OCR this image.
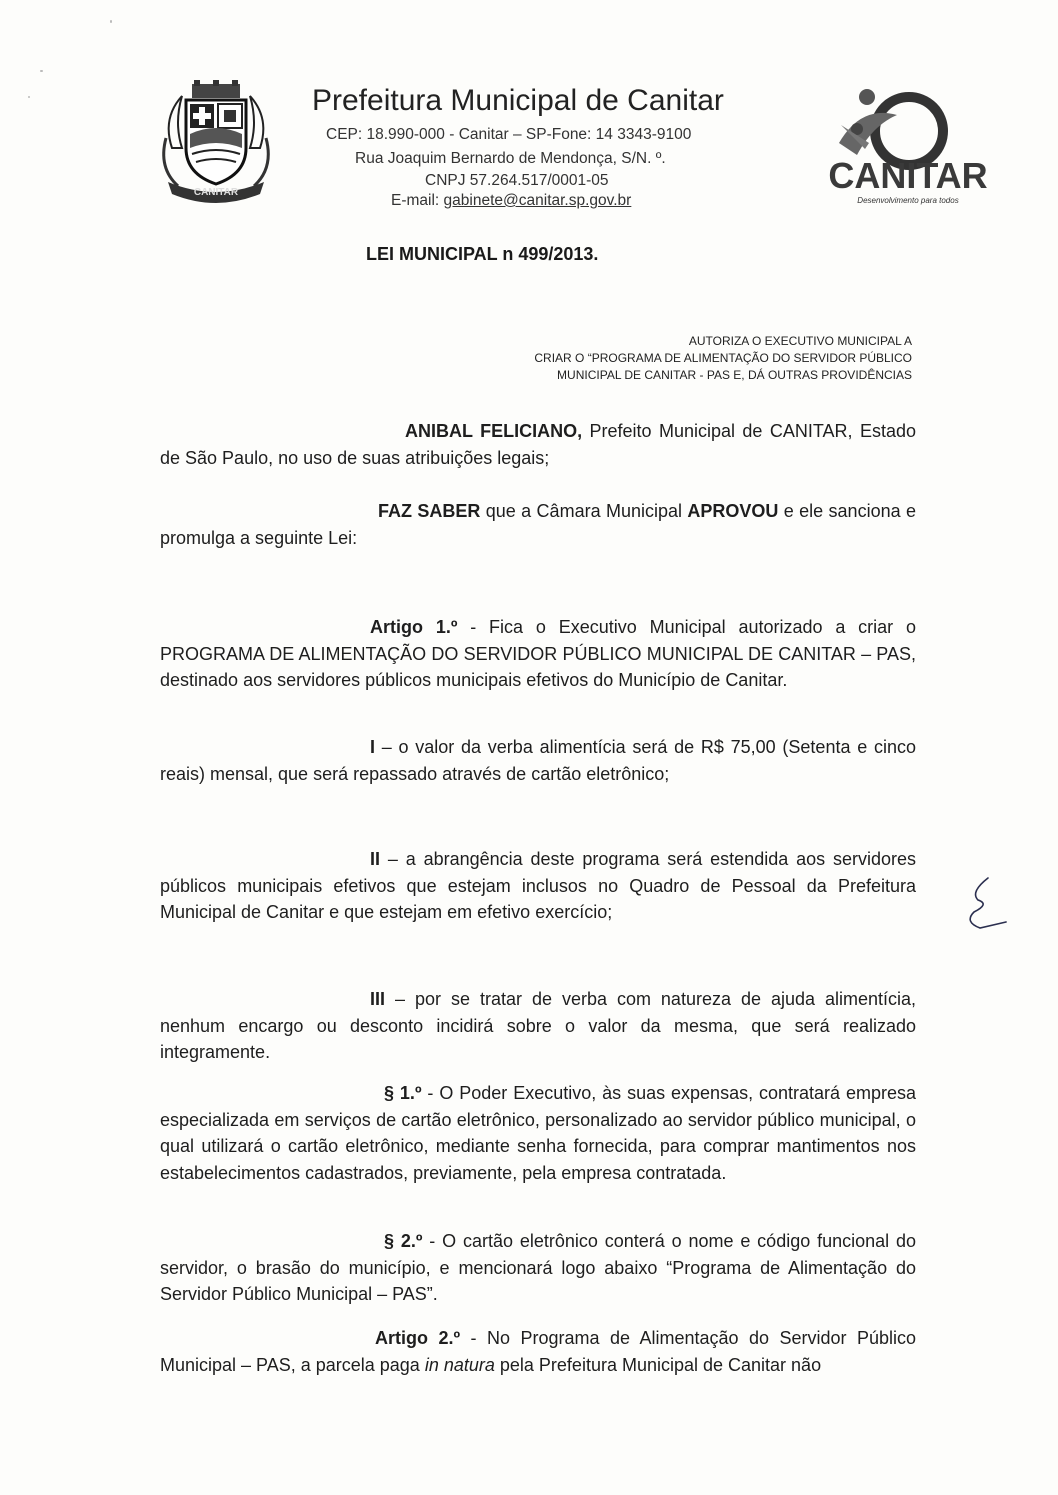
CANITAR
Prefeitura Municipal de Canitar
CEP: 18.990-000 - Canitar – SP-Fone: 14 3343-9100
Rua Joaquim Bernardo de Mendonça, S/N. º.
CNPJ 57.264.517/0001-05
E-mail: gabinete@canitar.sp.gov.br
CANITAR
Desenvolvimento para todos
LEI MUNICIPAL n 499/2013.
AUTORIZA O EXECUTIVO MUNICIPAL A
CRIAR O “PROGRAMA DE ALIMENTAÇÃO DO SERVIDOR PÚBLICO
MUNICIPAL DE CANITAR - PAS E, DÁ OUTRAS PROVIDÊNCIAS

ANIBAL FELICIANO, Prefeito Municipal de CANITAR, Estado de São Paulo, no uso de suas atribuições legais;

FAZ SABER que a Câmara Municipal APROVOU e ele sanciona e promulga a seguinte Lei:

Artigo 1.º - Fica o Executivo Municipal autorizado a criar o PROGRAMA DE ALIMENTAÇÃO DO SERVIDOR PÚBLICO MUNICIPAL DE CANITAR – PAS, destinado aos servidores públicos municipais efetivos do Município de Canitar.

I – o valor da verba alimentícia será de R$ 75,00 (Setenta e cinco reais) mensal, que será repassado através de cartão eletrônico;

II – a abrangência deste programa será estendida aos servidores públicos municipais efetivos que estejam inclusos no Quadro de Pessoal da Prefeitura Municipal de Canitar e que estejam em efetivo exercício;

III – por se tratar de verba com natureza de ajuda alimentícia, nenhum encargo ou desconto incidirá sobre o valor da mesma, que será realizado integramente.

§ 1.º - O Poder Executivo, às suas expensas, contratará empresa especializada em serviços de cartão eletrônico, personalizado ao servidor público municipal, o qual utilizará o cartão eletrônico, mediante senha fornecida, para comprar mantimentos nos estabelecimentos cadastrados, previamente, pela empresa contratada.

§ 2.º - O cartão eletrônico conterá o nome e código funcional do servidor, o brasão do município, e mencionará logo abaixo “Programa de Alimentação do Servidor Público Municipal – PAS”.

Artigo 2.º - No Programa de Alimentação do Servidor Público Municipal – PAS, a parcela paga in natura pela Prefeitura Municipal de Canitar não
